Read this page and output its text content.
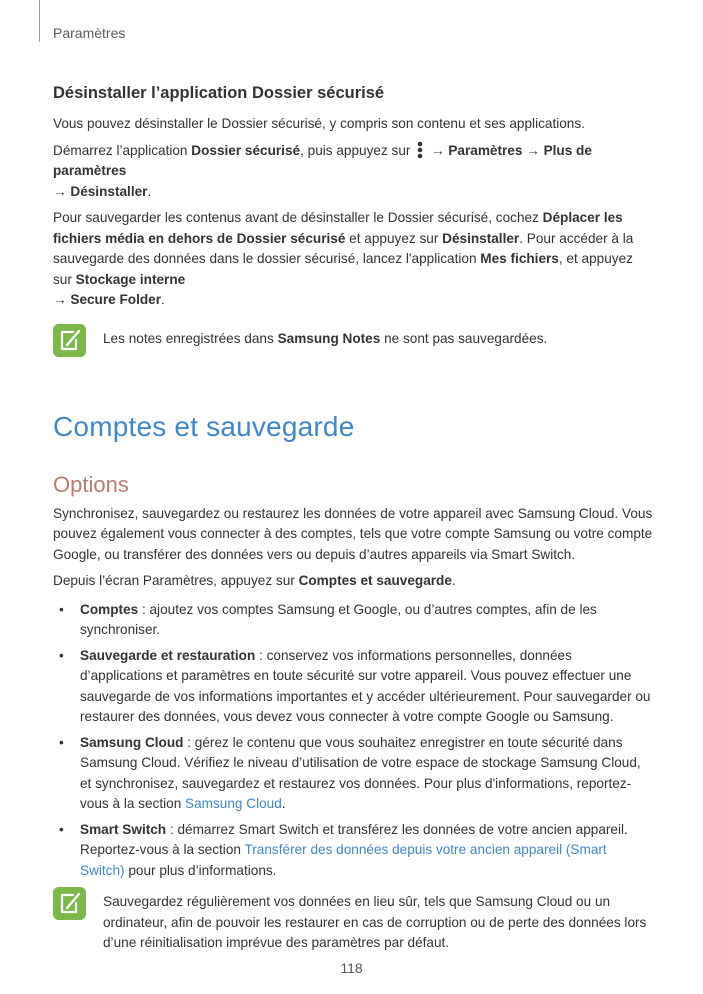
Paramètres
Désinstaller l’application Dossier sécurisé

Vous pouvez désinstaller le Dossier sécurisé, y compris son contenu et ses applications.

Démarrez l’application Dossier sécurisé, puis appuyez sur  → Paramètres → Plus de paramètres
→ Désinstaller.

Pour sauvegarder les contenus avant de désinstaller le Dossier sécurisé, cochez Déplacer les fichiers média en dehors de Dossier sécurisé et appuyez sur Désinstaller. Pour accéder à la sauvegarde des données dans le dossier sécurisé, lancez l'application Mes fichiers, et appuyez sur Stockage interne
→ Secure Folder.

Les notes enregistrées dans Samsung Notes ne sont pas sauvegardées.
Comptes et sauvegarde
Options

Synchronisez, sauvegardez ou restaurez les données de votre appareil avec Samsung Cloud. Vous pouvez également vous connecter à des comptes, tels que votre compte Samsung ou votre compte Google, ou transférer des données vers ou depuis d’autres appareils via Smart Switch.

Depuis l’écran Paramètres, appuyez sur Comptes et sauvegarde.

• Comptes : ajoutez vos comptes Samsung et Google, ou d’autres comptes, afin de les synchroniser.
• Sauvegarde et restauration : conservez vos informations personnelles, données d’applications et paramètres en toute sécurité sur votre appareil. Vous pouvez effectuer une sauvegarde de vos informations importantes et y accéder ultérieurement. Pour sauvegarder ou restaurer des données, vous devez vous connecter à votre compte Google ou Samsung.
• Samsung Cloud : gérez le contenu que vous souhaitez enregistrer en toute sécurité dans Samsung Cloud. Vérifiez le niveau d’utilisation de votre espace de stockage Samsung Cloud, et synchronisez, sauvegardez et restaurez vos données. Pour plus d'informations, reportez-vous à la section Samsung Cloud.
• Smart Switch : démarrez Smart Switch et transférez les données de votre ancien appareil. Reportez-vous à la section Transférer des données depuis votre ancien appareil (Smart Switch) pour plus d’informations.
Sauvegardez régulièrement vos données en lieu sûr, tels que Samsung Cloud ou un ordinateur, afin de pouvoir les restaurer en cas de corruption ou de perte des données lors d’une réinitialisation imprévue des paramètres par défaut.
118
